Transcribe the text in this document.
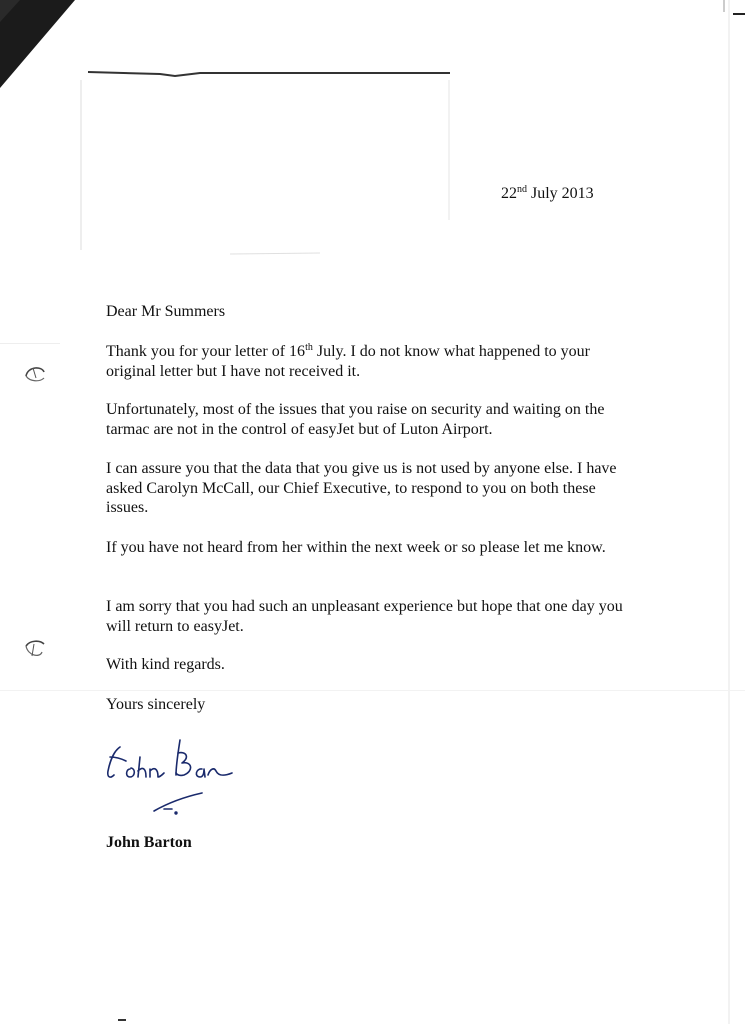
22nd July 2013
Dear Mr Summers
Thank you for your letter of 16th July. I do not know what happened to your original letter but I have not received it.
Unfortunately, most of the issues that you raise on security and waiting on the tarmac are not in the control of easyJet but of Luton Airport.
I can assure you that the data that you give us is not used by anyone else. I have asked Carolyn McCall, our Chief Executive, to respond to you on both these issues.
If you have not heard from her within the next week or so please let me know.
I am sorry that you had such an unpleasant experience but hope that one day you will return to easyJet.
With kind regards.
Yours sincerely
John Barton
